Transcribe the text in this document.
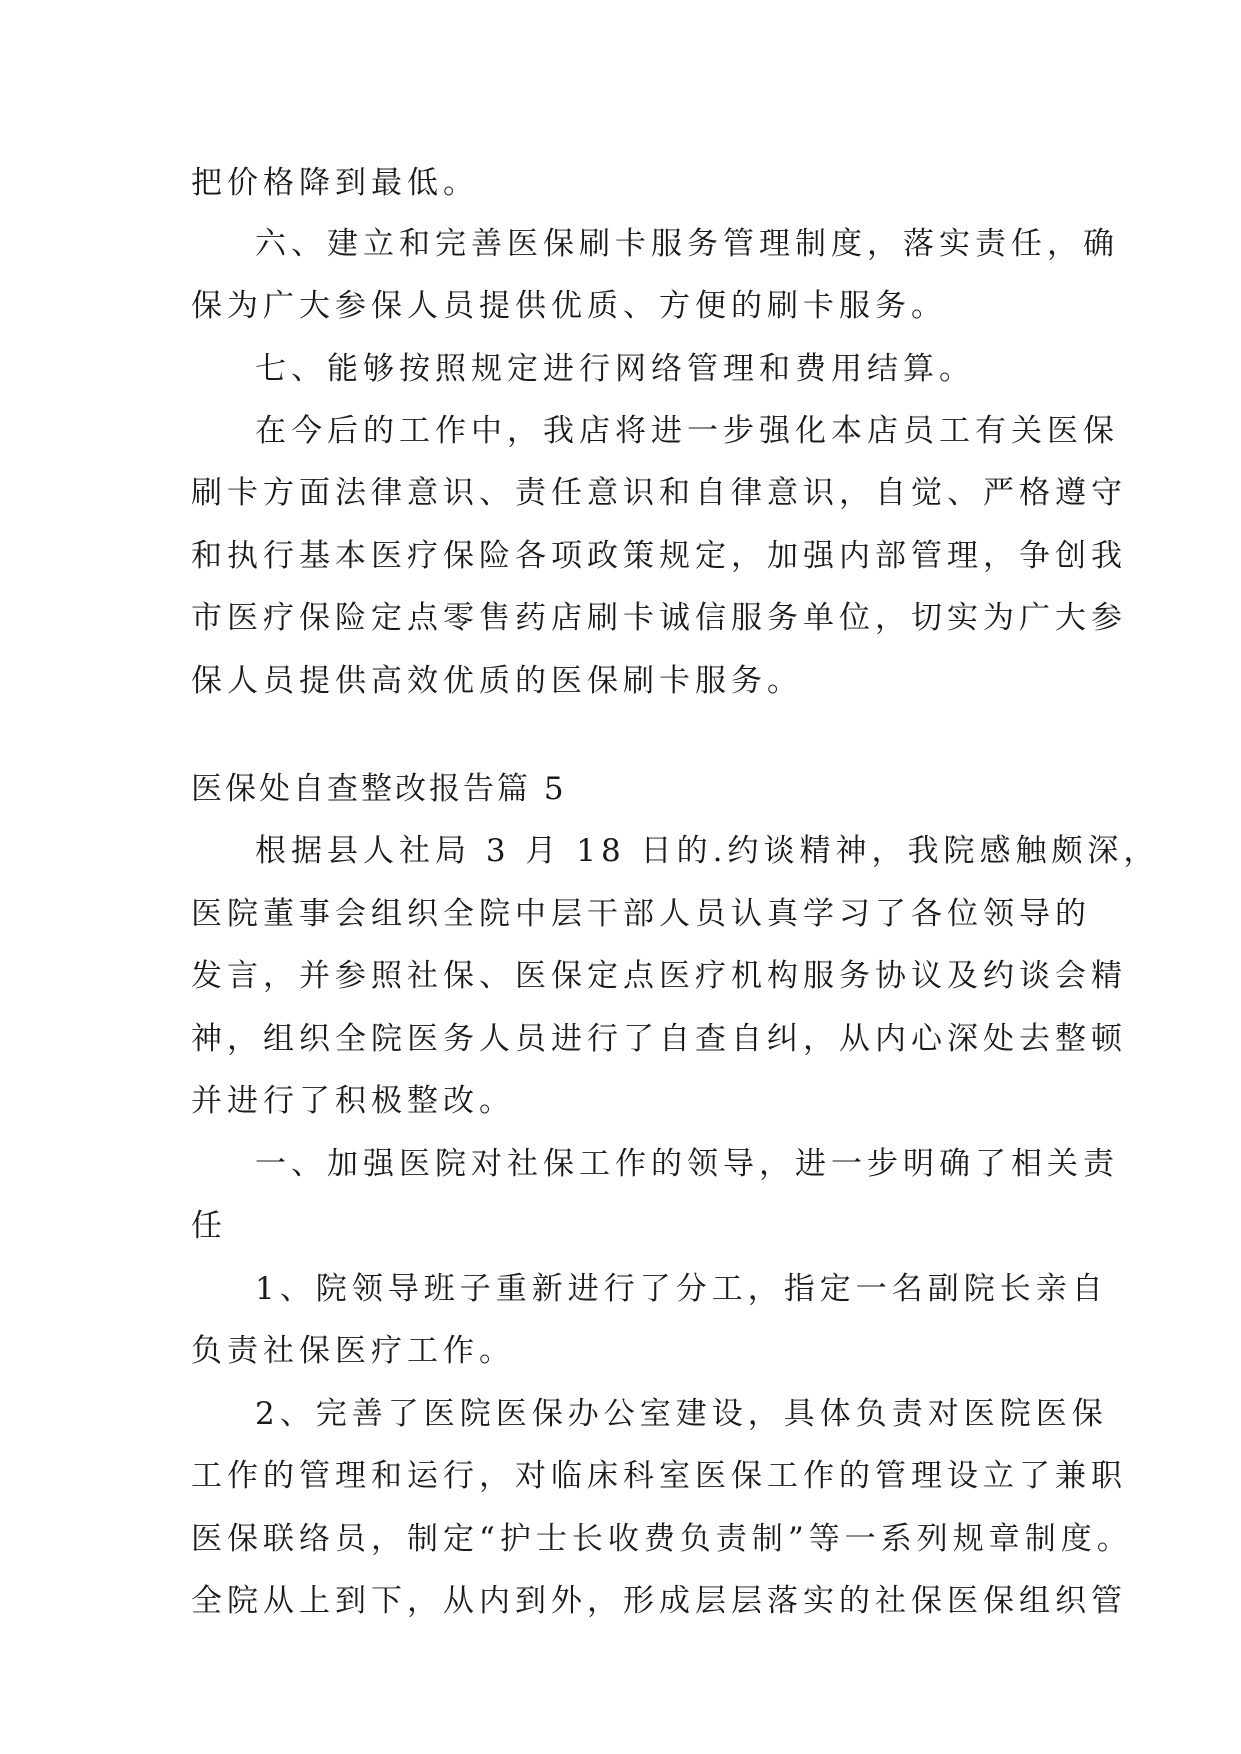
把价格降到最低。
六、建立和完善医保刷卡服务管理制度，落实责任，确
保为广大参保人员提供优质、方便的刷卡服务。
七、能够按照规定进行网络管理和费用结算。
在今后的工作中，我店将进一步强化本店员工有关医保
刷卡方面法律意识、责任意识和自律意识，自觉、严格遵守
和执行基本医疗保险各项政策规定，加强内部管理，争创我
市医疗保险定点零售药店刷卡诚信服务单位，切实为广大参
保人员提供高效优质的医保刷卡服务。
医保处自查整改报告篇 5
根据县人社局 3 月 18 日的.约谈精神，我院感触颇深，
医院董事会组织全院中层干部人员认真学习了各位领导的
发言，并参照社保、医保定点医疗机构服务协议及约谈会精
神，组织全院医务人员进行了自查自纠，从内心深处去整顿
并进行了积极整改。
一、加强医院对社保工作的领导，进一步明确了相关责
任
1、院领导班子重新进行了分工，指定一名副院长亲自
负责社保医疗工作。
2、完善了医院医保办公室建设，具体负责对医院医保
工作的管理和运行，对临床科室医保工作的管理设立了兼职
医保联络员，制定“护士长收费负责制”等一系列规章制度。
全院从上到下，从内到外，形成层层落实的社保医保组织管
